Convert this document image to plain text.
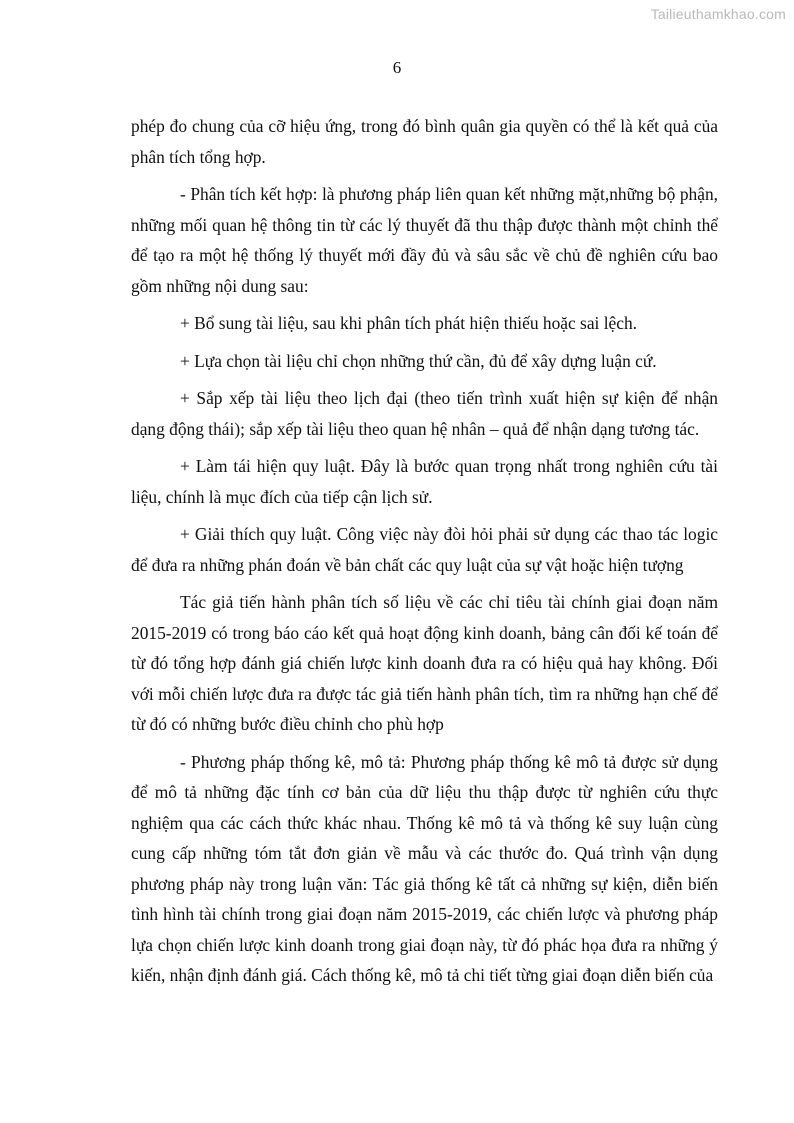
Tailieuthamkhao.com
6

phép đo chung của cỡ hiệu ứng, trong đó bình quân gia quyền có thể là kết quả của phân tích tổng hợp.

- Phân tích kết hợp: là phương pháp liên quan kết những mặt,những bộ phận, những mối quan hệ thông tin từ các lý thuyết đã thu thập được thành một chỉnh thể để tạo ra một hệ thống lý thuyết mới đầy đủ và sâu sắc về chủ đề nghiên cứu bao gồm những nội dung sau:

+ Bổ sung tài liệu, sau khi phân tích phát hiện thiếu hoặc sai lệch.

+ Lựa chọn tài liệu chỉ chọn những thứ cần, đủ để xây dựng luận cứ.

+ Sắp xếp tài liệu theo lịch đại (theo tiến trình xuất hiện sự kiện để nhận dạng động thái); sắp xếp tài liệu theo quan hệ nhân – quả để nhận dạng tương tác.

+ Làm tái hiện quy luật. Đây là bước quan trọng nhất trong nghiên cứu tài liệu, chính là mục đích của tiếp cận lịch sử.

+ Giải thích quy luật. Công việc này đòi hỏi phải sử dụng các thao tác logic để đưa ra những phán đoán về bản chất các quy luật của sự vật hoặc hiện tượng

Tác giả tiến hành phân tích số liệu về các chỉ tiêu tài chính giai đoạn năm 2015-2019 có trong báo cáo kết quả hoạt động kinh doanh, bảng cân đối kế toán để từ đó tổng hợp đánh giá chiến lược kinh doanh đưa ra có hiệu quả hay không. Đối với mỗi chiến lược đưa ra được tác giả tiến hành phân tích, tìm ra những hạn chế để từ đó có những bước điều chỉnh cho phù hợp

- Phương pháp thống kê, mô tả: Phương pháp thống kê mô tả được sử dụng để mô tả những đặc tính cơ bản của dữ liệu thu thập được từ nghiên cứu thực nghiệm qua các cách thức khác nhau. Thống kê mô tả và thống kê suy luận cùng cung cấp những tóm tắt đơn giản về mẫu và các thước đo. Quá trình vận dụng phương pháp này trong luận văn: Tác giả thống kê tất cả những sự kiện, diễn biến tình hình tài chính trong giai đoạn năm 2015-2019, các chiến lược và phương pháp lựa chọn chiến lược kinh doanh trong giai đoạn này, từ đó phác họa đưa ra những ý kiến, nhận định đánh giá. Cách thống kê, mô tả chi tiết từng giai đoạn diễn biến của
